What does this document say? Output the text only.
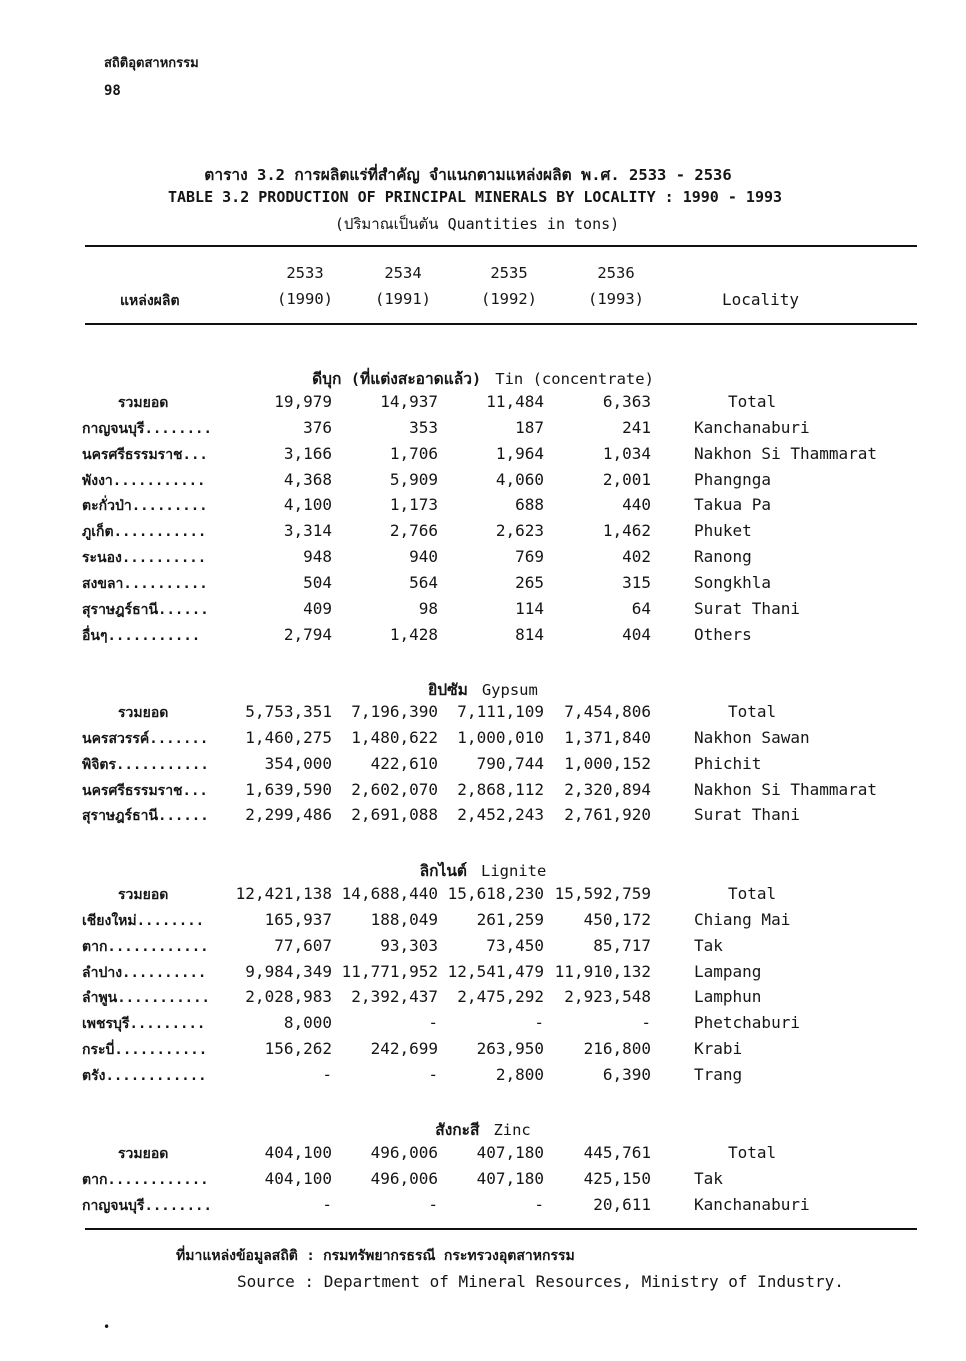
สถิติอุตสาหกรรม
98
ตาราง 3.2 การผลิตแร่ที่สำคัญ จำแนกตามแหล่งผลิต พ.ศ. 2533 - 2536
TABLE 3.2 PRODUCTION OF PRINCIPAL MINERALS BY LOCALITY : 1990 - 1993
(ปริมาณเป็นตัน Quantities in tons)
แหล่งผลิต
2533	2534	2535	2536
(1990)	(1991)	(1992)	(1993)	Locality
ดีบุก (ที่แต่งสะอาดแล้ว) Tin (concentrate)
รวมยอด	19,979	14,937	11,484	6,363	Total
กาญจนบุรี........	376	353	187	241	Kanchanaburi
นครศรีธรรมราช...	3,166	1,706	1,964	1,034	Nakhon Si Thammarat
พังงา...........	4,368	5,909	4,060	2,001	Phangnga
ตะกั่วป่า.........	4,100	1,173	688	440	Takua Pa
ภูเก็ต...........	3,314	2,766	2,623	1,462	Phuket
ระนอง..........	948	940	769	402	Ranong
สงขลา..........	504	564	265	315	Songkhla
สุราษฎร์ธานี......	409	98	114	64	Surat Thani
อื่นๆ...........	2,794	1,428	814	404	Others
ยิปซัม Gypsum
รวมยอด	5,753,351	7,196,390	7,111,109	7,454,806	Total
นครสวรรค์.......	1,460,275	1,480,622	1,000,010	1,371,840	Nakhon Sawan
พิจิตร...........	354,000	422,610	790,744	1,000,152	Phichit
นครศรีธรรมราช...	1,639,590	2,602,070	2,868,112	2,320,894	Nakhon Si Thammarat
สุราษฎร์ธานี......	2,299,486	2,691,088	2,452,243	2,761,920	Surat Thani
ลิกไนต์ Lignite
รวมยอด	12,421,138 14,688,440 15,618,230 15,592,759	Total
เชียงใหม่........	165,937	188,049	261,259	450,172	Chiang Mai
ตาก............	77,607	93,303	73,450	85,717	Tak
ลำปาง..........	9,984,349 11,771,952 12,541,479 11,910,132	Lampang
ลำพูน...........	2,028,983	2,392,437	2,475,292	2,923,548	Lamphun
เพชรบุรี.........	8,000	-	-	-	Phetchaburi
กระบี่...........	156,262	242,699	263,950	216,800	Krabi
ตรัง............	-	-	2,800	6,390	Trang
สังกะสี Zinc
รวมยอด	404,100	496,006	407,180	445,761	Total
ตาก............	404,100	496,006	407,180	425,150	Tak
กาญจนบุรี........	-	-	-	20,611	Kanchanaburi
ที่มาแหล่งข้อมูลสถิติ : กรมทรัพยากรธรณี กระทรวงอุตสาหกรรม
Source : Department of Mineral Resources, Ministry of Industry.
•
